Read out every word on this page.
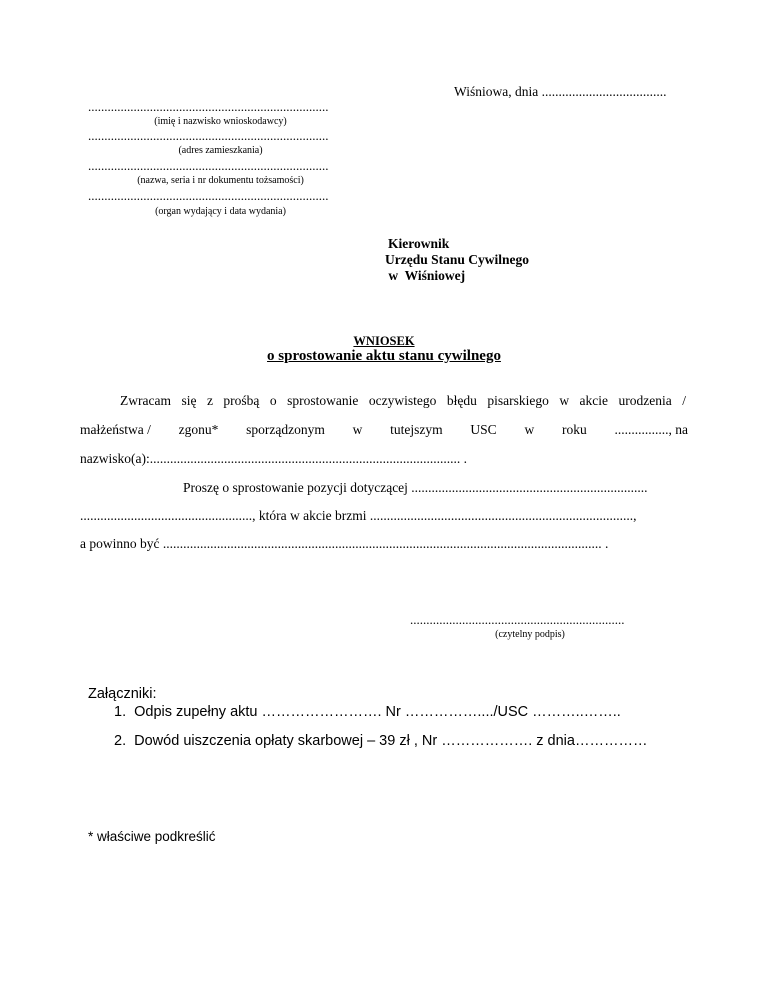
Wiśniowa, dnia .....................................
..........................................................................
(imię i nazwisko wnioskodawcy)
..........................................................................
(adres zamieszkania)
..........................................................................
(nazwa, seria i nr dokumentu tożsamości)
..........................................................................
(organ wydający i data wydania)
Kierownik
Urzędu Stanu Cywilnego
w  Wiśniowej
WNIOSEK
o sprostowanie aktu stanu cywilnego
Zwracam się z prośbą o sprostowanie oczywistego błędu pisarskiego w akcie urodzenia /
małżeństwa / zgonu* sporządzonym w tutejszym USC w roku ................, na
nazwisko(a):............................................................................................ .
Proszę o sprostowanie pozycji dotyczącej ......................................................................
..................................................., która w akcie brzmi ..............................................................................,
a powinno być .................................................................................................................................. .
..................................................................
(czytelny podpis)
Załączniki:
1.  Odpis zupełny aktu ……………………. Nr ……………..../USC ………..……..
2.  Dowód uiszczenia opłaty skarbowej – 39 zł , Nr ………………. z dnia……………
* właściwe podkreślić
